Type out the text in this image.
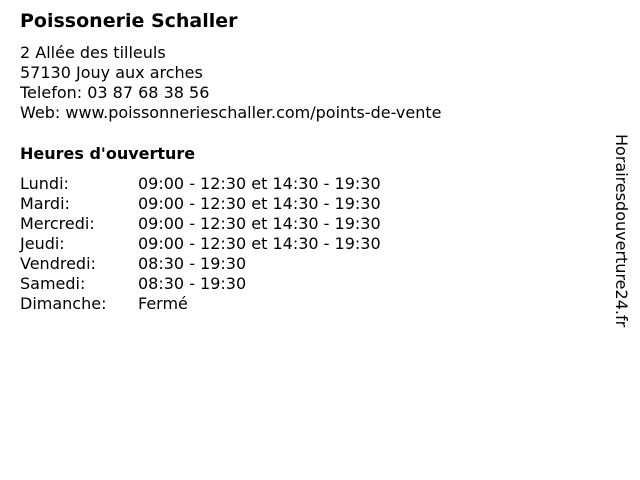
Poissonerie Schaller
2 Allée des tilleuls
57130 Jouy aux arches
Telefon: 03 87 68 38 56
Web: www.poissonnerieschaller.com/points-de-vente
Heures d'ouverture
Lundi:	09:00 - 12:30 et 14:30 - 19:30
Mardi:	09:00 - 12:30 et 14:30 - 19:30
Mercredi:	09:00 - 12:30 et 14:30 - 19:30
Jeudi:	09:00 - 12:30 et 14:30 - 19:30
Vendredi:	08:30 - 19:30
Samedi:	08:30 - 19:30
Dimanche: Fermé	Horairesdouverture24.fr
